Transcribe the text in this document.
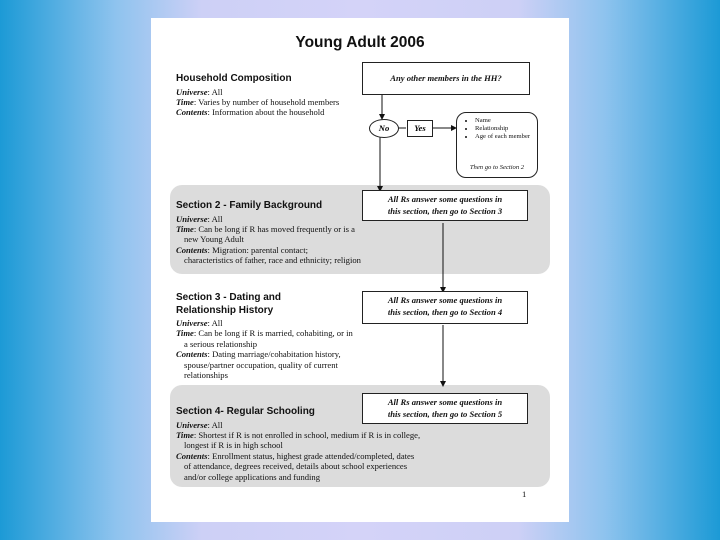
Young Adult 2006
Household Composition
Universe: All
Time: Varies by number of household members
Contents: Information about the household
Section 2 - Family Background
Universe: All
Time: Can be long if R has moved frequently or is a
new Young Adult
Contents: Migration: parental contact;
characteristics of father, race and ethnicity; religion
Section 3 - Dating and
Relationship History
Universe: All
Time: Can be long if R is married, cohabiting, or in
a serious relationship
Contents: Dating marriage/cohabitation history,
spouse/partner occupation, quality of current
relationships
Section 4- Regular Schooling
Universe: All
Time: Shortest if R is not enrolled in school, medium if R is in college,
longest if R is in high school
Contents: Enrollment status, highest grade attended/completed, dates
of attendance, degrees received, details about school experiences
and/or college applications and funding
Any other members in the HH?
No	Yes
• Name
• Relationship
• Age of each member
Then go to Section 2
All Rs answer some questions in
this section, then go to Section 3
All Rs answer some questions in
this section, then go to Section 4
All Rs answer some questions in
this section, then go to Section 5
1
